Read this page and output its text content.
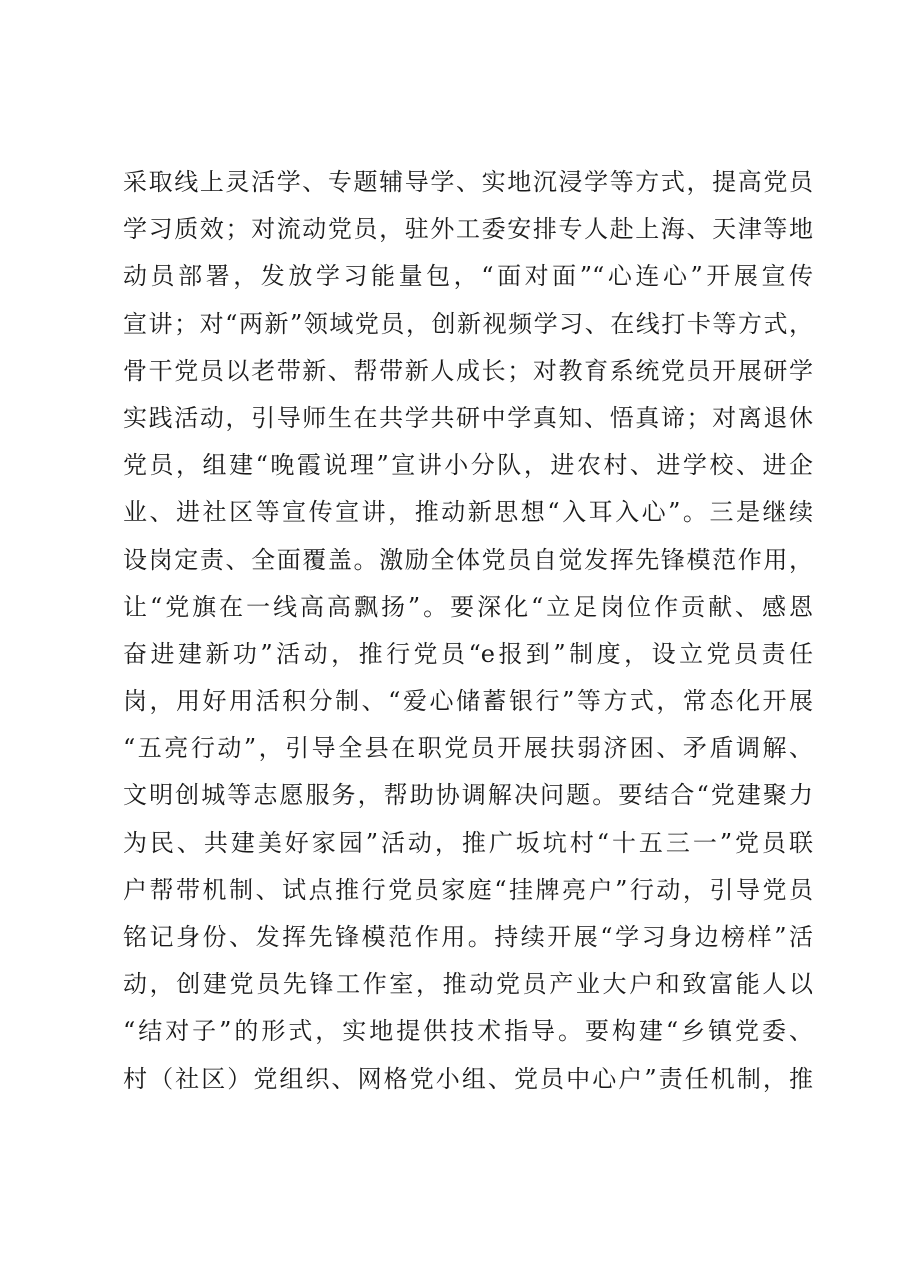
采取线上灵活学、专题辅导学、实地沉浸学等方式，提高党员
学习质效；对流动党员，驻外工委安排专人赴上海、天津等地
动员部署，发放学习能量包，“面对面”“心连心”开展宣传
宣讲；对“两新”领域党员，创新视频学习、在线打卡等方式，
骨干党员以老带新、帮带新人成长；对教育系统党员开展研学
实践活动，引导师生在共学共研中学真知、悟真谛；对离退休
党员，组建“晚霞说理”宣讲小分队，进农村、进学校、进企
业、进社区等宣传宣讲，推动新思想“入耳入心”。三是继续
设岗定责、全面覆盖。激励全体党员自觉发挥先锋模范作用，
让“党旗在一线高高飘扬”。要深化“立足岗位作贡献、感恩
奋进建新功”活动，推行党员“e报到”制度，设立党员责任
岗，用好用活积分制、“爱心储蓄银行”等方式，常态化开展
“五亮行动”，引导全县在职党员开展扶弱济困、矛盾调解、
文明创城等志愿服务，帮助协调解决问题。要结合“党建聚力
为民、共建美好家园”活动，推广坂坑村“十五三一”党员联
户帮带机制、试点推行党员家庭“挂牌亮户”行动，引导党员
铭记身份、发挥先锋模范作用。持续开展“学习身边榜样”活
动，创建党员先锋工作室，推动党员产业大户和致富能人以
“结对子”的形式，实地提供技术指导。要构建“乡镇党委、
村（社区）党组织、网格党小组、党员中心户”责任机制，推
